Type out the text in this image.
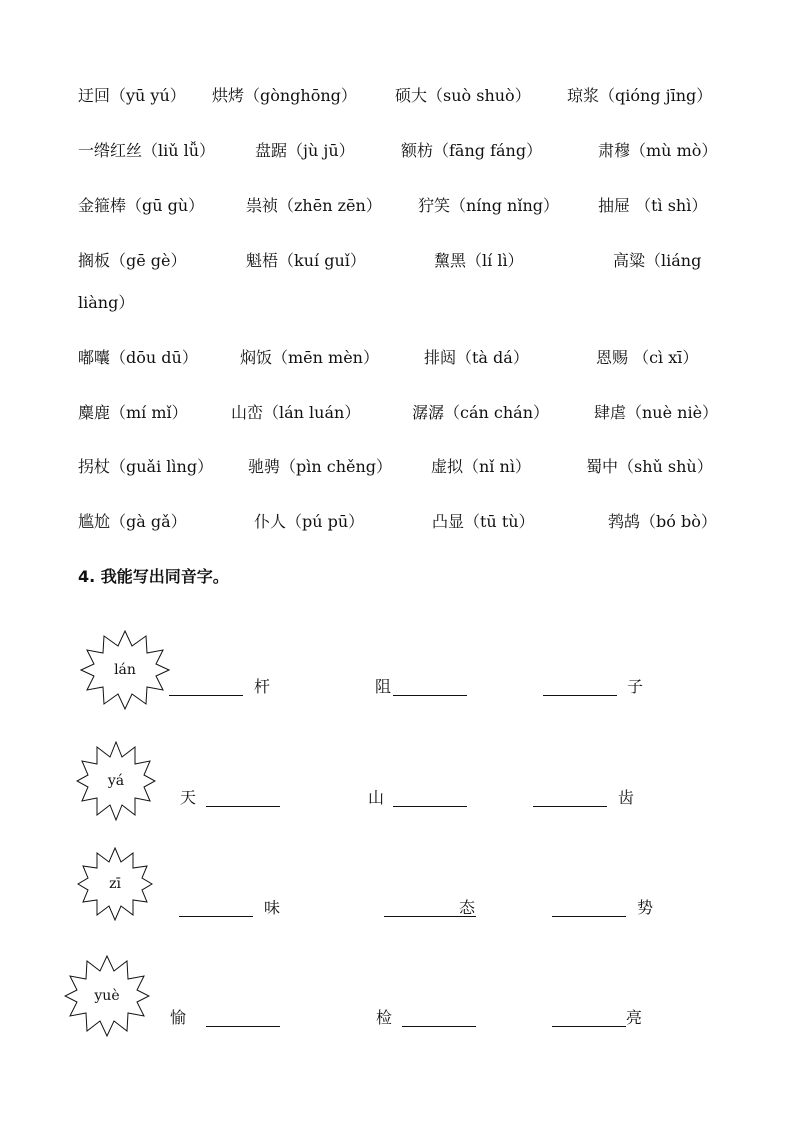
迂回（yū yú） 烘烤（gònghōng） 硕大（suò shuò） 琼浆（qióng jīng）
一绺红丝（liǔ lǚ） 盘踞（jù jū）	额枋（fāng fáng）	肃穆（mù mò）
金箍棒（gū gù）	祟祯（zhēn zēn） 狞笑（níng nǐng） 抽屉 （tì shì）
搁板（gē gè）	魁梧（kuí guǐ）	黧黑（lí lì）	高粱（liáng
liàng）
嘟囔（dōu dū）	焖饭（mēn mèn）	排闼（tà dá）	恩赐 （cì xī）
麋鹿（mí mǐ）	山峦（lán luán）	潺潺（cán chán）	肆虐（nuè niè）
拐杖（guǎi lìng） 驰骋（pìn chěng） 虚拟（nǐ nì）	蜀中（shǔ shù）
尴尬（gà gǎ）	仆人（pú pū）	凸显（tū tù）	鹁鸪（bó bò）
4. 我能写出同音字。
lán
杆	阻	子
yá
天	山	齿
zī
味	态	势
yuè
愉	检	亮
